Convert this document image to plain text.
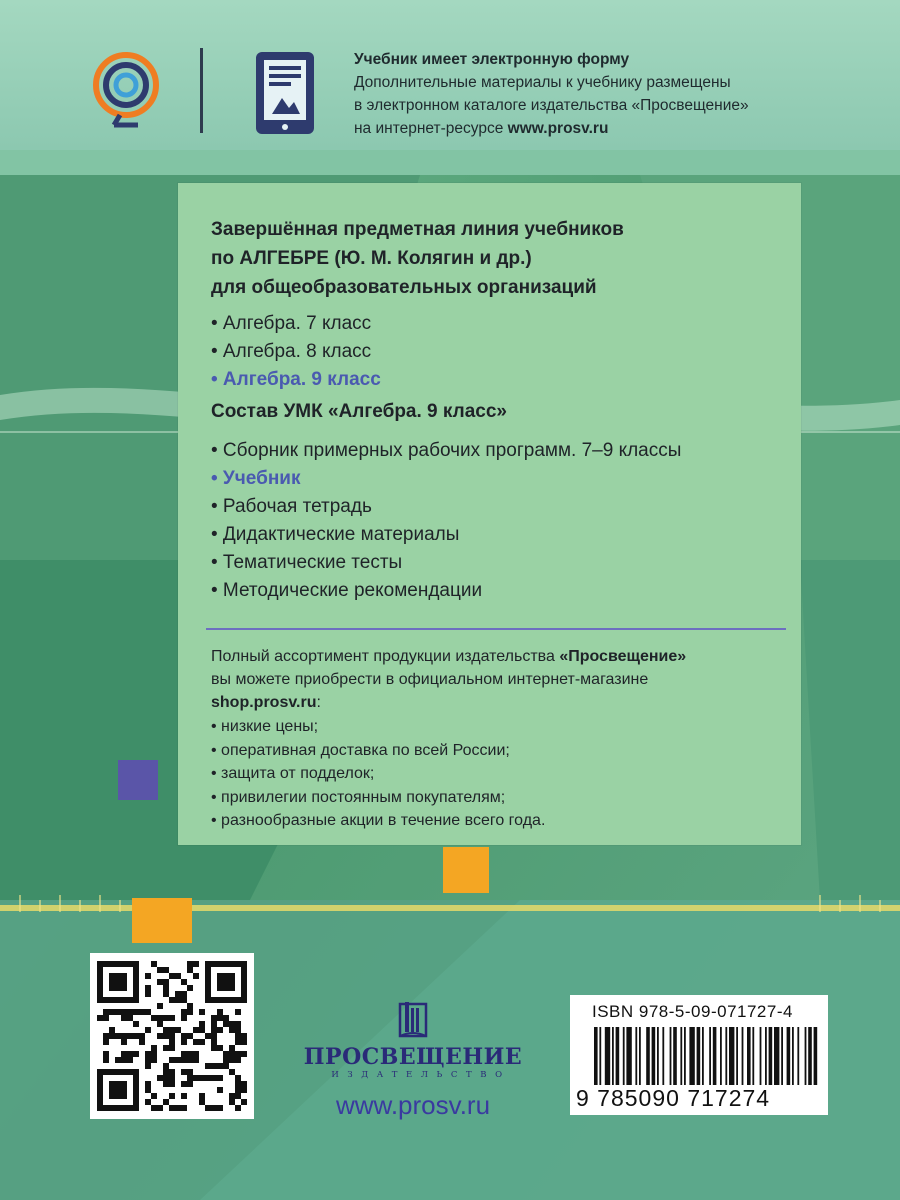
Учебник имеет электронную форму
Дополнительные материалы к учебнику размещены
в электронном каталоге издательства «Просвещение»
на интернет-ресурсе www.prosv.ru
Завершённая предметная линия учебников
по АЛГЕБРЕ (Ю. М. Колягин и др.)
для общеобразовательных организаций
• Алгебра. 7 класс
• Алгебра. 8 класс
• Алгебра. 9 класс
Состав УМК «Алгебра. 9 класс»
• Сборник примерных рабочих программ. 7–9 классы
• Учебник
• Рабочая тетрадь
• Дидактические материалы
• Тематические тесты
• Методические рекомендации
Полный ассортимент продукции издательства «Просвещение»
вы можете приобрести в официальном интернет-магазине
shop.prosv.ru:
• низкие цены;
• оперативная доставка по всей России;
• защита от подделок;
• привилегии постоянным покупателям;
• разнообразные акции в течение всего года.
ПРОСВЕЩЕНИЕ
ИЗДАТЕЛЬСТВО
www.prosv.ru
ISBN 978-5-09-071727-4
9 785090 717274
